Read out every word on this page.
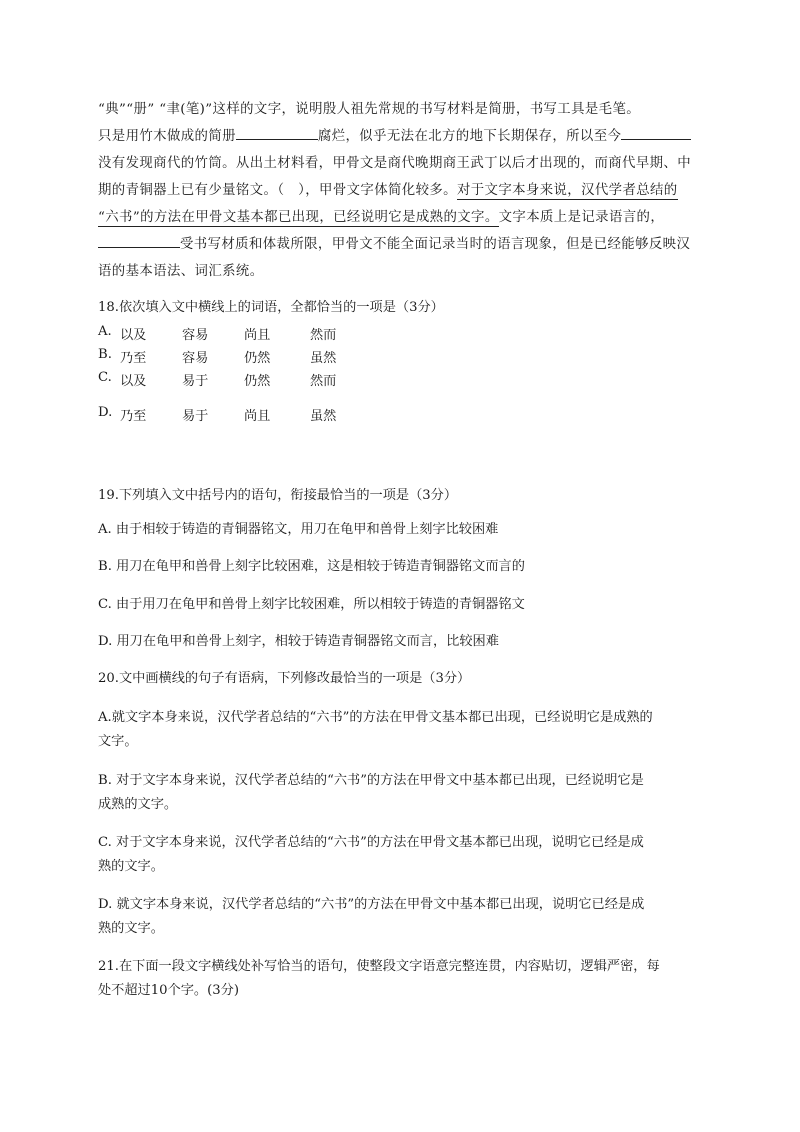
“典”“册” “聿(笔)”这样的文字，说明殷人祖先常规的书写材料是简册，书写工具是毛笔。
只是用竹木做成的简册	腐烂，似乎无法在北方的地下长期保存，所以至今
没有发现商代的竹筒。从出土材料看，甲骨文是商代晚期商王武丁以后才出现的，而商代早期、中
期的青铜器上已有少量铭文。（　），甲骨文字体简化较多。对于文字本身来说，汉代学者总结的
“六书”的方法在甲骨文基本都已出现，已经说明它是成熟的文字。文字本质上是记录语言的，
受书写材质和体裁所限，甲骨文不能全面记录当时的语言现象，但是已经能够反映汉
语的基本语法、词汇系统。
18.依次填入文中横线上的词语，全都恰当的一项是（3分）
A. 以及	容易	尚且	然而
B. 乃至	容易	仍然	虽然
C. 以及	易于	仍然	然而
D. 乃至	易于	尚且	虽然
19.下列填入文中括号内的语句，衔接最恰当的一项是（3分）
A. 由于相较于铸造的青铜器铭文，用刀在龟甲和兽骨上刻字比较困难
B. 用刀在龟甲和兽骨上刻字比较困难，这是相较于铸造青铜器铭文而言的
C. 由于用刀在龟甲和兽骨上刻字比较困难，所以相较于铸造的青铜器铭文
D. 用刀在龟甲和兽骨上刻字，相较于铸造青铜器铭文而言，比较困难
20.文中画横线的句子有语病，下列修改最恰当的一项是（3分）
A.就文字本身来说，汉代学者总结的“六书”的方法在甲骨文基本都已出现，已经说明它是成熟的
文字。
B. 对于文字本身来说，汉代学者总结的“六书”的方法在甲骨文中基本都已出现，已经说明它是
成熟的文字。
C. 对于文字本身来说，汉代学者总结的“六书”的方法在甲骨文基本都已出现，说明它已经是成
熟的文字。
D. 就文字本身来说，汉代学者总结的“六书”的方法在甲骨文中基本都已出现，说明它已经是成
熟的文字。
21.在下面一段文字横线处补写恰当的语句，使整段文字语意完整连贯，内容贴切，逻辑严密，每
处不超过10个字。(3分)
